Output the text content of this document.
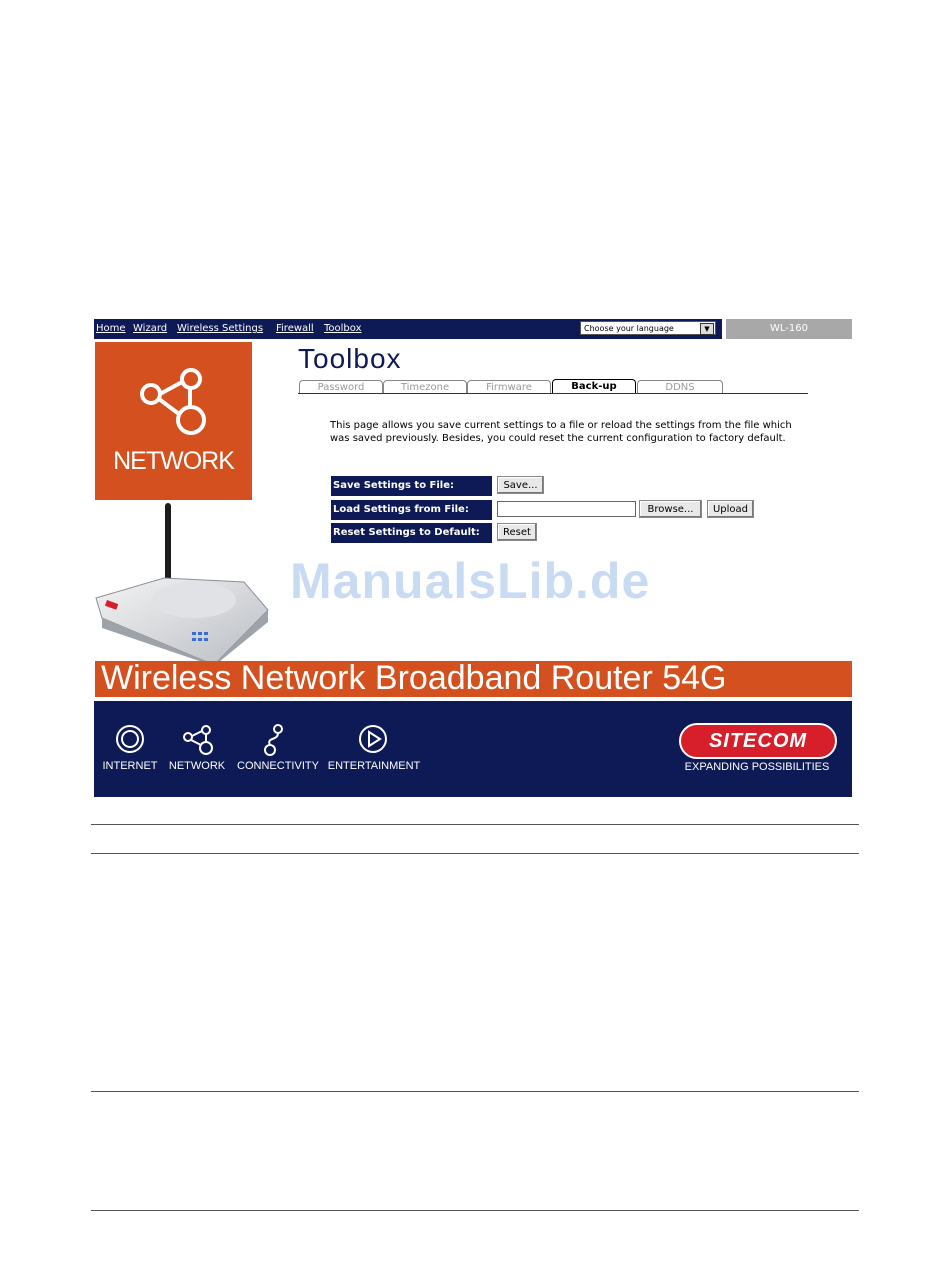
Home Wizard Wireless Settings Firewall Toolbox	Choose your language	▼	WL-160
NETWORK
Toolbox
Password	Timezone	Firmware	Back-up	DDNS
This page allows you save current settings to a file or reload the settings from the file which was saved previously. Besides, you could reset the current configuration to factory default.
Save Settings to File:	Save...
Load Settings from File:	Browse...	Upload
Reset Settings to Default:	Reset
ManualsLib.de
Wireless Network Broadband Router 54G
INTERNET	NETWORK	CONNECTIVITY ENTERTAINMENT
SITECOM
EXPANDING POSSIBILITIES
